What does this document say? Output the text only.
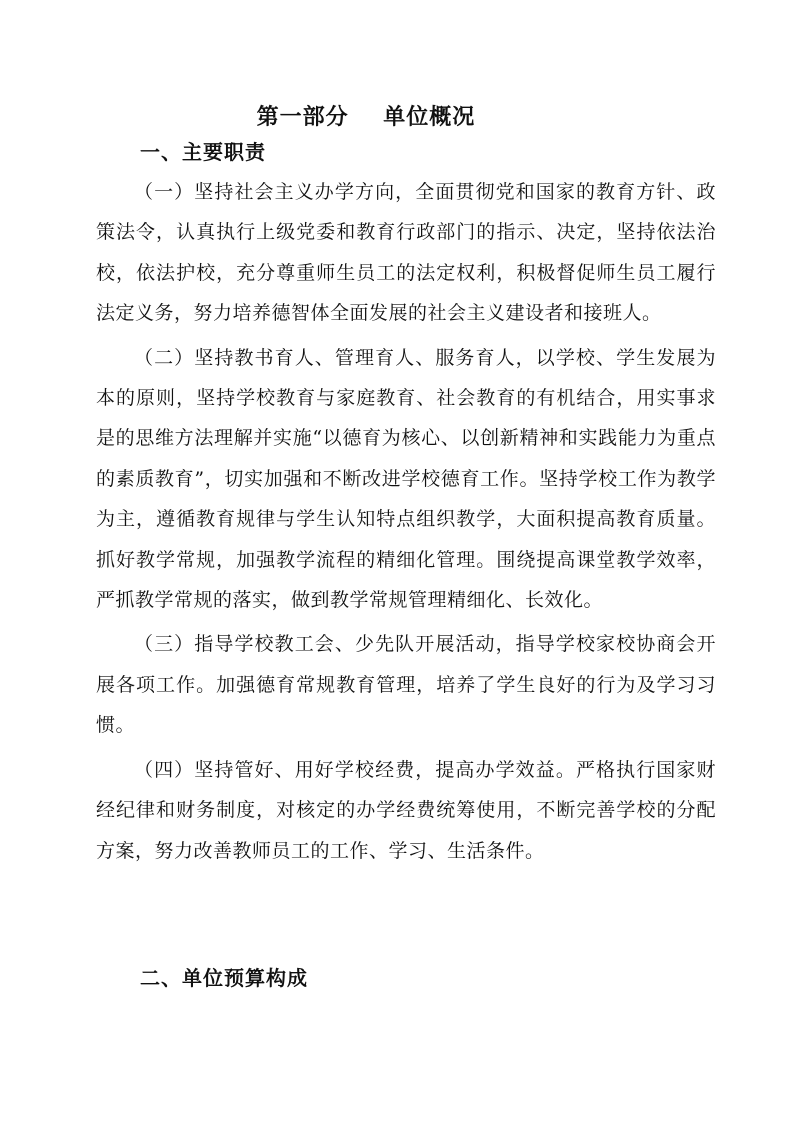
第一部分    单位概况
一、主要职责

（一）坚持社会主义办学方向，全面贯彻党和国家的教育方针、政策法令，认真执行上级党委和教育行政部门的指示、决定，坚持依法治校，依法护校，充分尊重师生员工的法定权利，积极督促师生员工履行法定义务，努力培养德智体全面发展的社会主义建设者和接班人。

（二）坚持教书育人、管理育人、服务育人，以学校、学生发展为本的原则，坚持学校教育与家庭教育、社会教育的有机结合，用实事求是的思维方法理解并实施“以德育为核心、以创新精神和实践能力为重点的素质教育”，切实加强和不断改进学校德育工作。坚持学校工作为教学为主，遵循教育规律与学生认知特点组织教学，大面积提高教育质量。抓好教学常规，加强教学流程的精细化管理。围绕提高课堂教学效率，严抓教学常规的落实，做到教学常规管理精细化、长效化。

（三）指导学校教工会、少先队开展活动，指导学校家校协商会开展各项工作。加强德育常规教育管理，培养了学生良好的行为及学习习惯。

（四）坚持管好、用好学校经费，提高办学效益。严格执行国家财经纪律和财务制度，对核定的办学经费统筹使用，不断完善学校的分配方案，努力改善教师员工的工作、学习、生活条件。

二、单位预算构成
